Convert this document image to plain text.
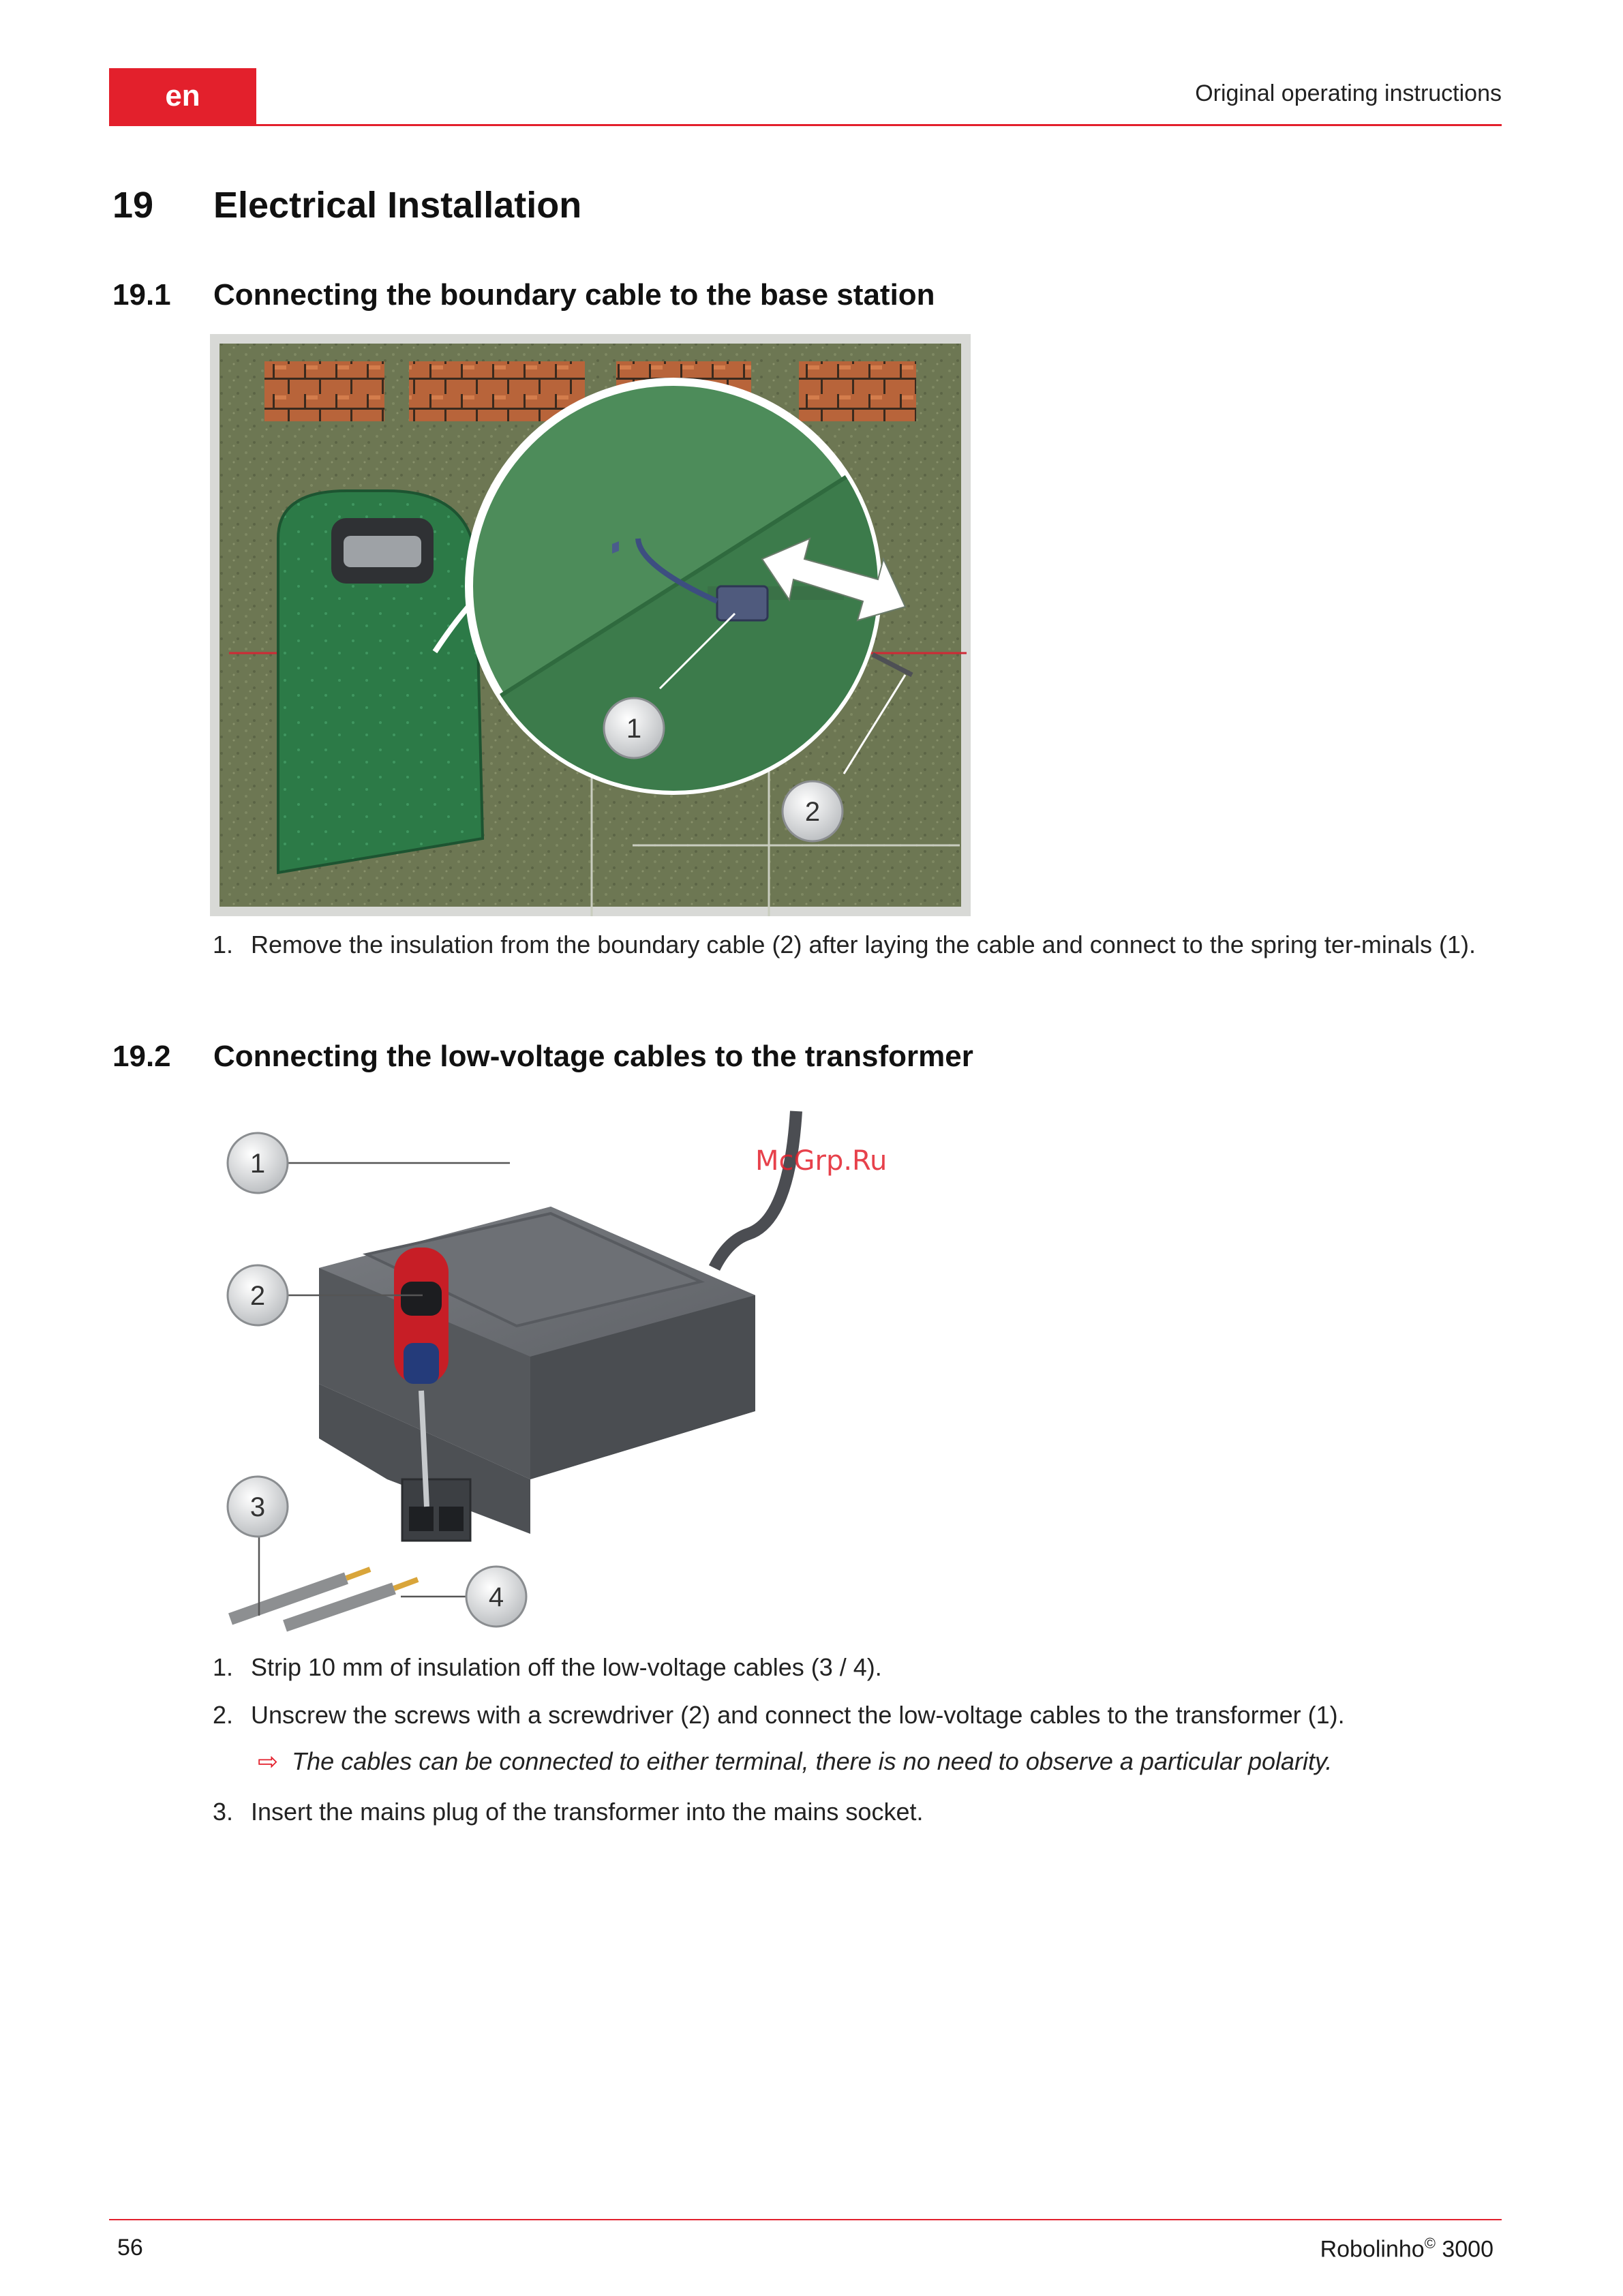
en	Original operating instructions
19 Electrical Installation
19.1 Connecting the boundary cable to the base station
1
2
1. Remove the insulation from the boundary cable (2) after laying the cable and connect to the spring ter-minals (1).
19.2 Connecting the low-voltage cables to the transformer
1
2
3
4
McGrp.Ru
1. Strip 10 mm of insulation off the low-voltage cables (3 / 4).
2. Unscrew the screws with a screwdriver (2) and connect the low-voltage cables to the transformer (1).
⇨ The cables can be connected to either terminal, there is no need to observe a particular polarity.
3. Insert the mains plug of the transformer into the mains socket.
56	Robolinho© 3000
